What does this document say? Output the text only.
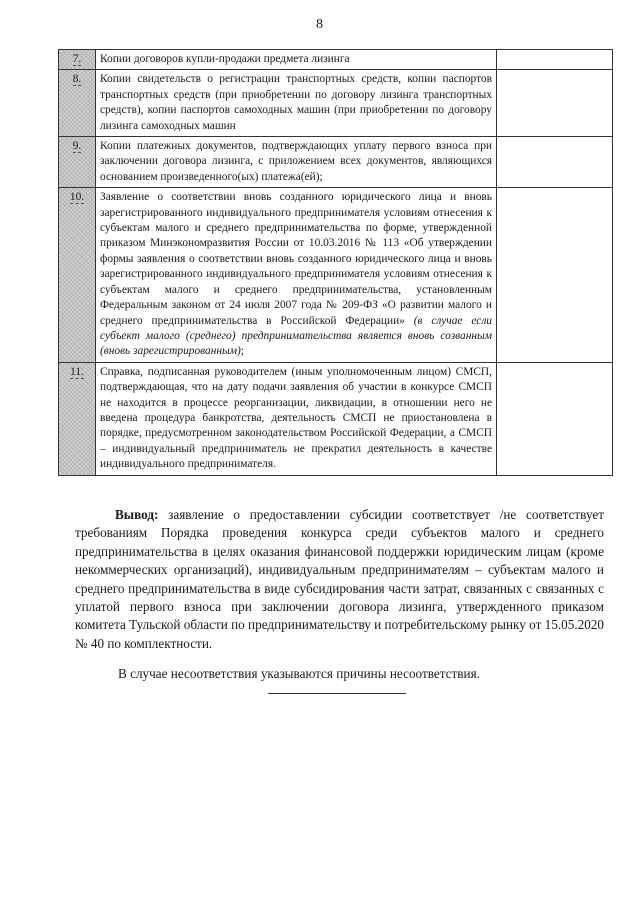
8
7.	Копии договоров купли-продажи предмета лизинга	
8.	Копии свидетельств о регистрации транспортных средств, копии паспортов транспортных средств (при приобретении по договору лизинга транспортных средств), копии паспортов самоходных машин (при приобретении по договору лизинга самоходных машин	
9.	Копии платежных документов, подтверждающих уплату первого взноса при заключении договора лизинга, с приложением всех документов, являющихся основанием произведенного(ых) платежа(ей);	
10.	Заявление о соответствии вновь созданного юридического лица и вновь зарегистрированного индивидуального предпринимателя условиям отнесения к субъектам малого и среднего предпринимательства по форме, утвержденной приказом Минэкономразвития России от 10.03.2016 № 113 «Об утверждении формы заявления о соответствии вновь созданного юридического лица и вновь зарегистрированного индивидуального предпринимателя условиям отнесения к субъектам малого и среднего предпринимательства, установленным Федеральным законом от 24 июля 2007 года № 209-ФЗ «О развитии малого и среднего предпринимательства в Российской Федерации» (в случае если субъект малого (среднего) предпринимательства является вновь созванным (вновь зарегистрированным);	
11.	Справка, подписанная руководителем (иным уполномоченным лицом) СМСП, подтверждающая, что на дату подачи заявления об участии в конкурсе СМСП не находится в процессе реорганизации, ликвидации, в отношении него не введена процедура банкротства, деятельность СМСП не приостановлена в порядке, предусмотренном законодательством Российской Федерации, а СМСП – индивидуальный предприниматель не прекратил деятельность в качестве индивидуального предпринимателя.	

Вывод: заявление о предоставлении субсидии соответствует /не соответствует требованиям Порядка проведения конкурса среди субъектов малого и среднего предпринимательства в целях оказания финансовой поддержки юридическим лицам (кроме некоммерческих организаций), индивидуальным предпринимателям – субъектам малого и среднего предпринимательства в виде субсидирования части затрат, связанных с связанных с уплатой первого взноса при заключении договора лизинга, утвержденного приказом комитета Тульской области по предпринимательству и потребительскому рынку от 15.05.2020 № 40 по комплектности.

В случае несоответствия указываются причины несоответствия.
